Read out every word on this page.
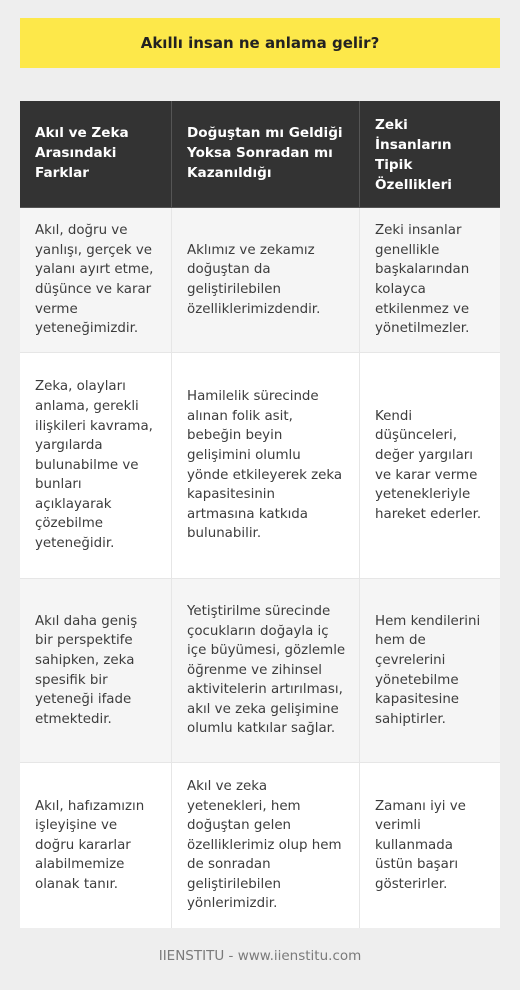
Akıllı insan ne anlama gelir?
Akıl ve Zeka Arasındaki Farklar
Doğuştan mı Geldiği Yoksa Sonradan mı Kazanıldığı
Zeki İnsanların Tipik Özellikleri
Akıl, doğru ve yanlışı, gerçek ve yalanı ayırt etme, düşünce ve karar verme yeteneğimizdir.
Aklımız ve zekamız doğuştan da geliştirilebilen özelliklerimizdendir.
Zeki insanlar genellikle başkalarından kolayca etkilenmez ve yönetilmezler.
Zeka, olayları anlama, gerekli ilişkileri kavrama, yargılarda bulunabilme ve bunları açıklayarak çözebilme yeteneğidir.
Hamilelik sürecinde alınan folik asit, bebeğin beyin gelişimini olumlu yönde etkileyerek zeka kapasitesinin artmasına katkıda bulunabilir.
Kendi düşünceleri, değer yargıları ve karar verme yetenekleriyle hareket ederler.
Akıl daha geniş bir perspektife sahipken, zeka spesifik bir yeteneği ifade etmektedir.
Yetiştirilme sürecinde çocukların doğayla iç içe büyümesi, gözlemle öğrenme ve zihinsel aktivitelerin artırılması, akıl ve zeka gelişimine olumlu katkılar sağlar.
Hem kendilerini hem de çevrelerini yönetebilme kapasitesine sahiptirler.
Akıl, hafızamızın işleyişine ve doğru kararlar alabilmemize olanak tanır.
Akıl ve zeka yetenekleri, hem doğuştan gelen özelliklerimiz olup hem de sonradan geliştirilebilen yönlerimizdir.
Zamanı iyi ve verimli kullanmada üstün başarı gösterirler.
IIENSTITU - www.iienstitu.com
